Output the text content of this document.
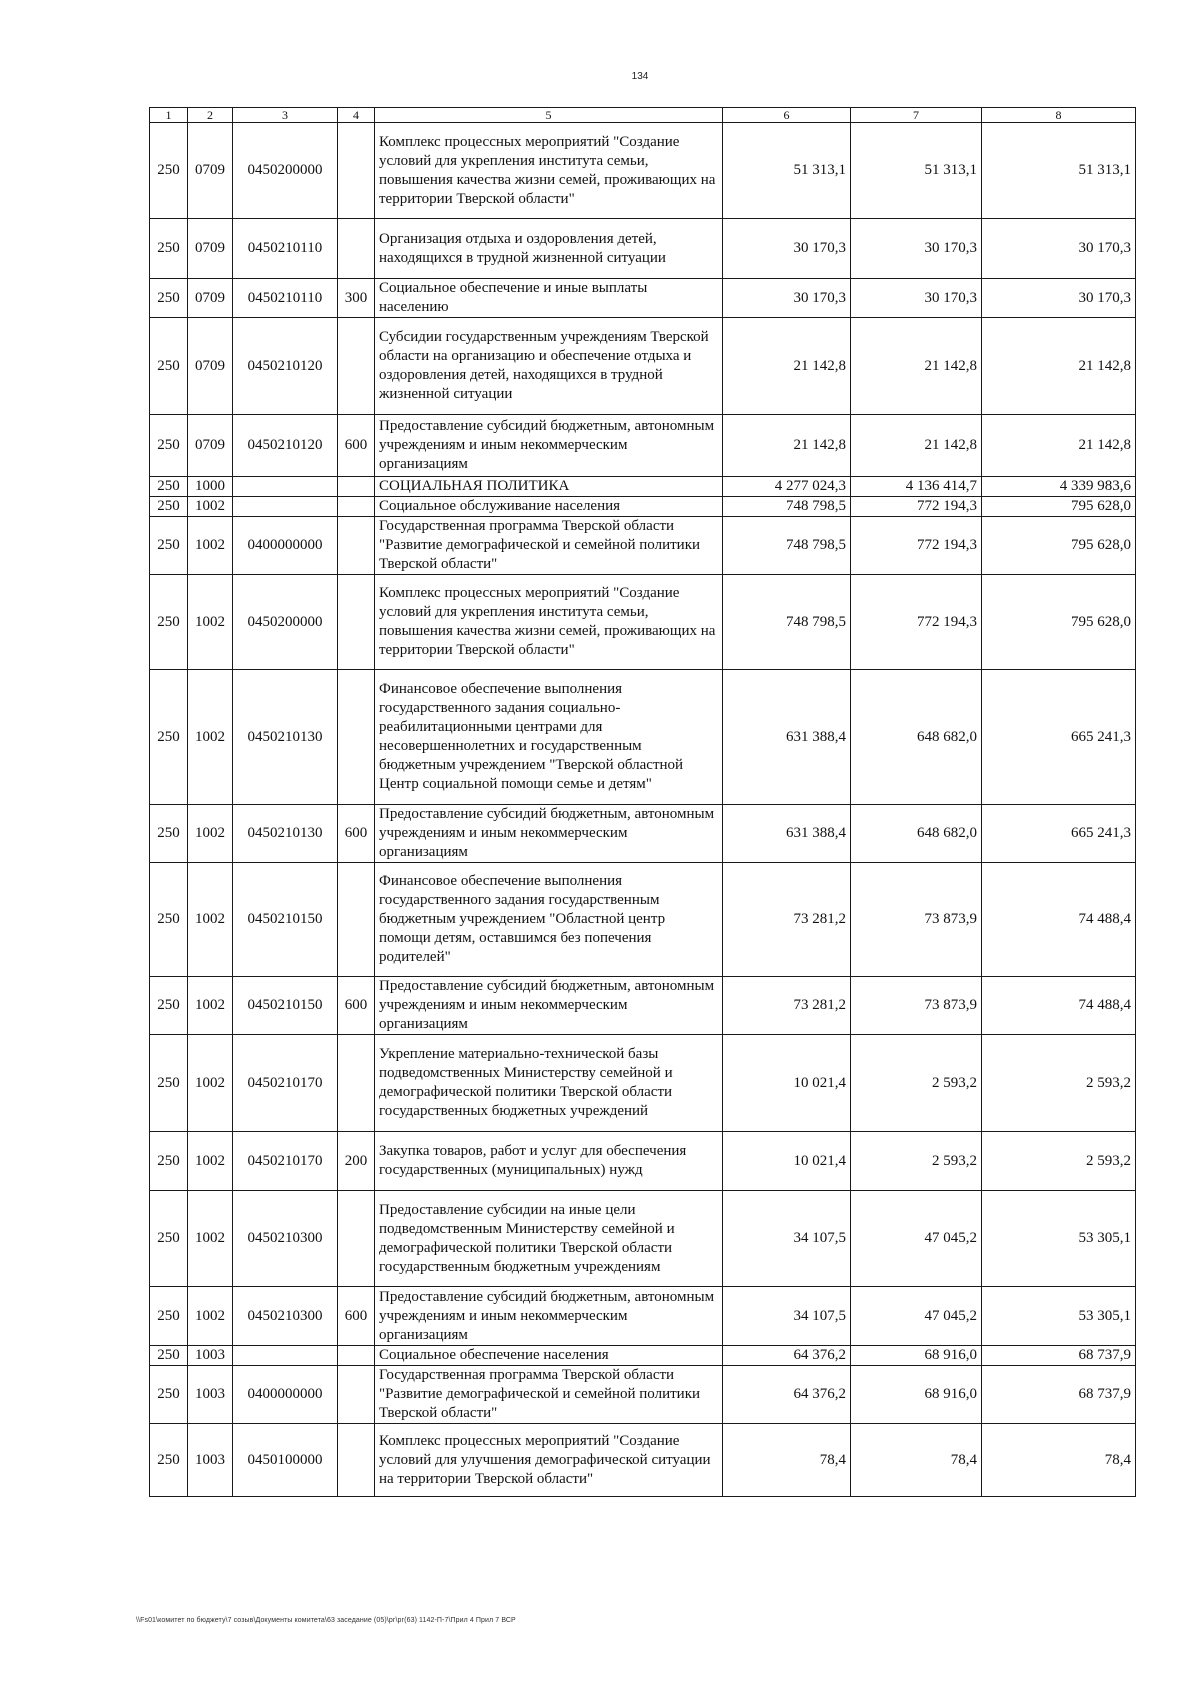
134
1	2	3	4	5	6	7	8
250	0709	0450200000		Комплекс процессных мероприятий "Создание условий для укрепления института семьи, повышения качества жизни семей, проживающих на территории Тверской области"	51 313,1	51 313,1	51 313,1
250	0709	0450210110		Организация отдыха и оздоровления детей, находящихся в трудной жизненной ситуации	30 170,3	30 170,3	30 170,3
250	0709	0450210110	300	Социальное обеспечение и иные выплаты населению	30 170,3	30 170,3	30 170,3
250	0709	0450210120		Субсидии государственным учреждениям Тверской области на организацию и обеспечение отдыха и оздоровления детей, находящихся в трудной жизненной ситуации	21 142,8	21 142,8	21 142,8
250	0709	0450210120	600	Предоставление субсидий бюджетным, автономным учреждениям и иным некоммерческим организациям	21 142,8	21 142,8	21 142,8
250	1000			СОЦИАЛЬНАЯ ПОЛИТИКА	4 277 024,3	4 136 414,7	4 339 983,6
250	1002			Социальное обслуживание населения	748 798,5	772 194,3	795 628,0
250	1002	0400000000		Государственная программа Тверской области "Развитие демографической и семейной политики Тверской области"	748 798,5	772 194,3	795 628,0
250	1002	0450200000		Комплекс процессных мероприятий "Создание условий для укрепления института семьи, повышения качества жизни семей, проживающих на территории Тверской области"	748 798,5	772 194,3	795 628,0
250	1002	0450210130		Финансовое обеспечение выполнения государственного задания социально-реабилитационными центрами для несовершеннолетних и государственным бюджетным учреждением "Тверской областной Центр социальной помощи семье и детям"	631 388,4	648 682,0	665 241,3
250	1002	0450210130	600	Предоставление субсидий бюджетным, автономным учреждениям и иным некоммерческим организациям	631 388,4	648 682,0	665 241,3
250	1002	0450210150		Финансовое обеспечение выполнения государственного задания государственным бюджетным учреждением "Областной центр помощи детям, оставшимся без попечения родителей"	73 281,2	73 873,9	74 488,4
250	1002	0450210150	600	Предоставление субсидий бюджетным, автономным учреждениям и иным некоммерческим организациям	73 281,2	73 873,9	74 488,4
250	1002	0450210170		Укрепление материально-технической базы подведомственных Министерству семейной и демографической политики Тверской области государственных бюджетных учреждений	10 021,4	2 593,2	2 593,2
250	1002	0450210170	200	Закупка товаров, работ и услуг для обеспечения государственных (муниципальных) нужд	10 021,4	2 593,2	2 593,2
250	1002	0450210300		Предоставление субсидии на иные цели подведомственным Министерству семейной и демографической политики Тверской области государственным бюджетным учреждениям	34 107,5	47 045,2	53 305,1
250	1002	0450210300	600	Предоставление субсидий бюджетным, автономным учреждениям и иным некоммерческим организациям	34 107,5	47 045,2	53 305,1
250	1003			Социальное обеспечение населения	64 376,2	68 916,0	68 737,9
250	1003	0400000000		Государственная программа Тверской области "Развитие демографической и семейной политики Тверской области"	64 376,2	68 916,0	68 737,9
250	1003	0450100000		Комплекс процессных мероприятий "Создание условий для улучшения демографической ситуации на территории Тверской области"	78,4	78,4	78,4
\\Fs01\комитет по бюджету\7 созыв\Документы комитета\63 заседание (05)\рг\рг(63) 1142-П-7\Прил 4 Прил 7 ВСР
